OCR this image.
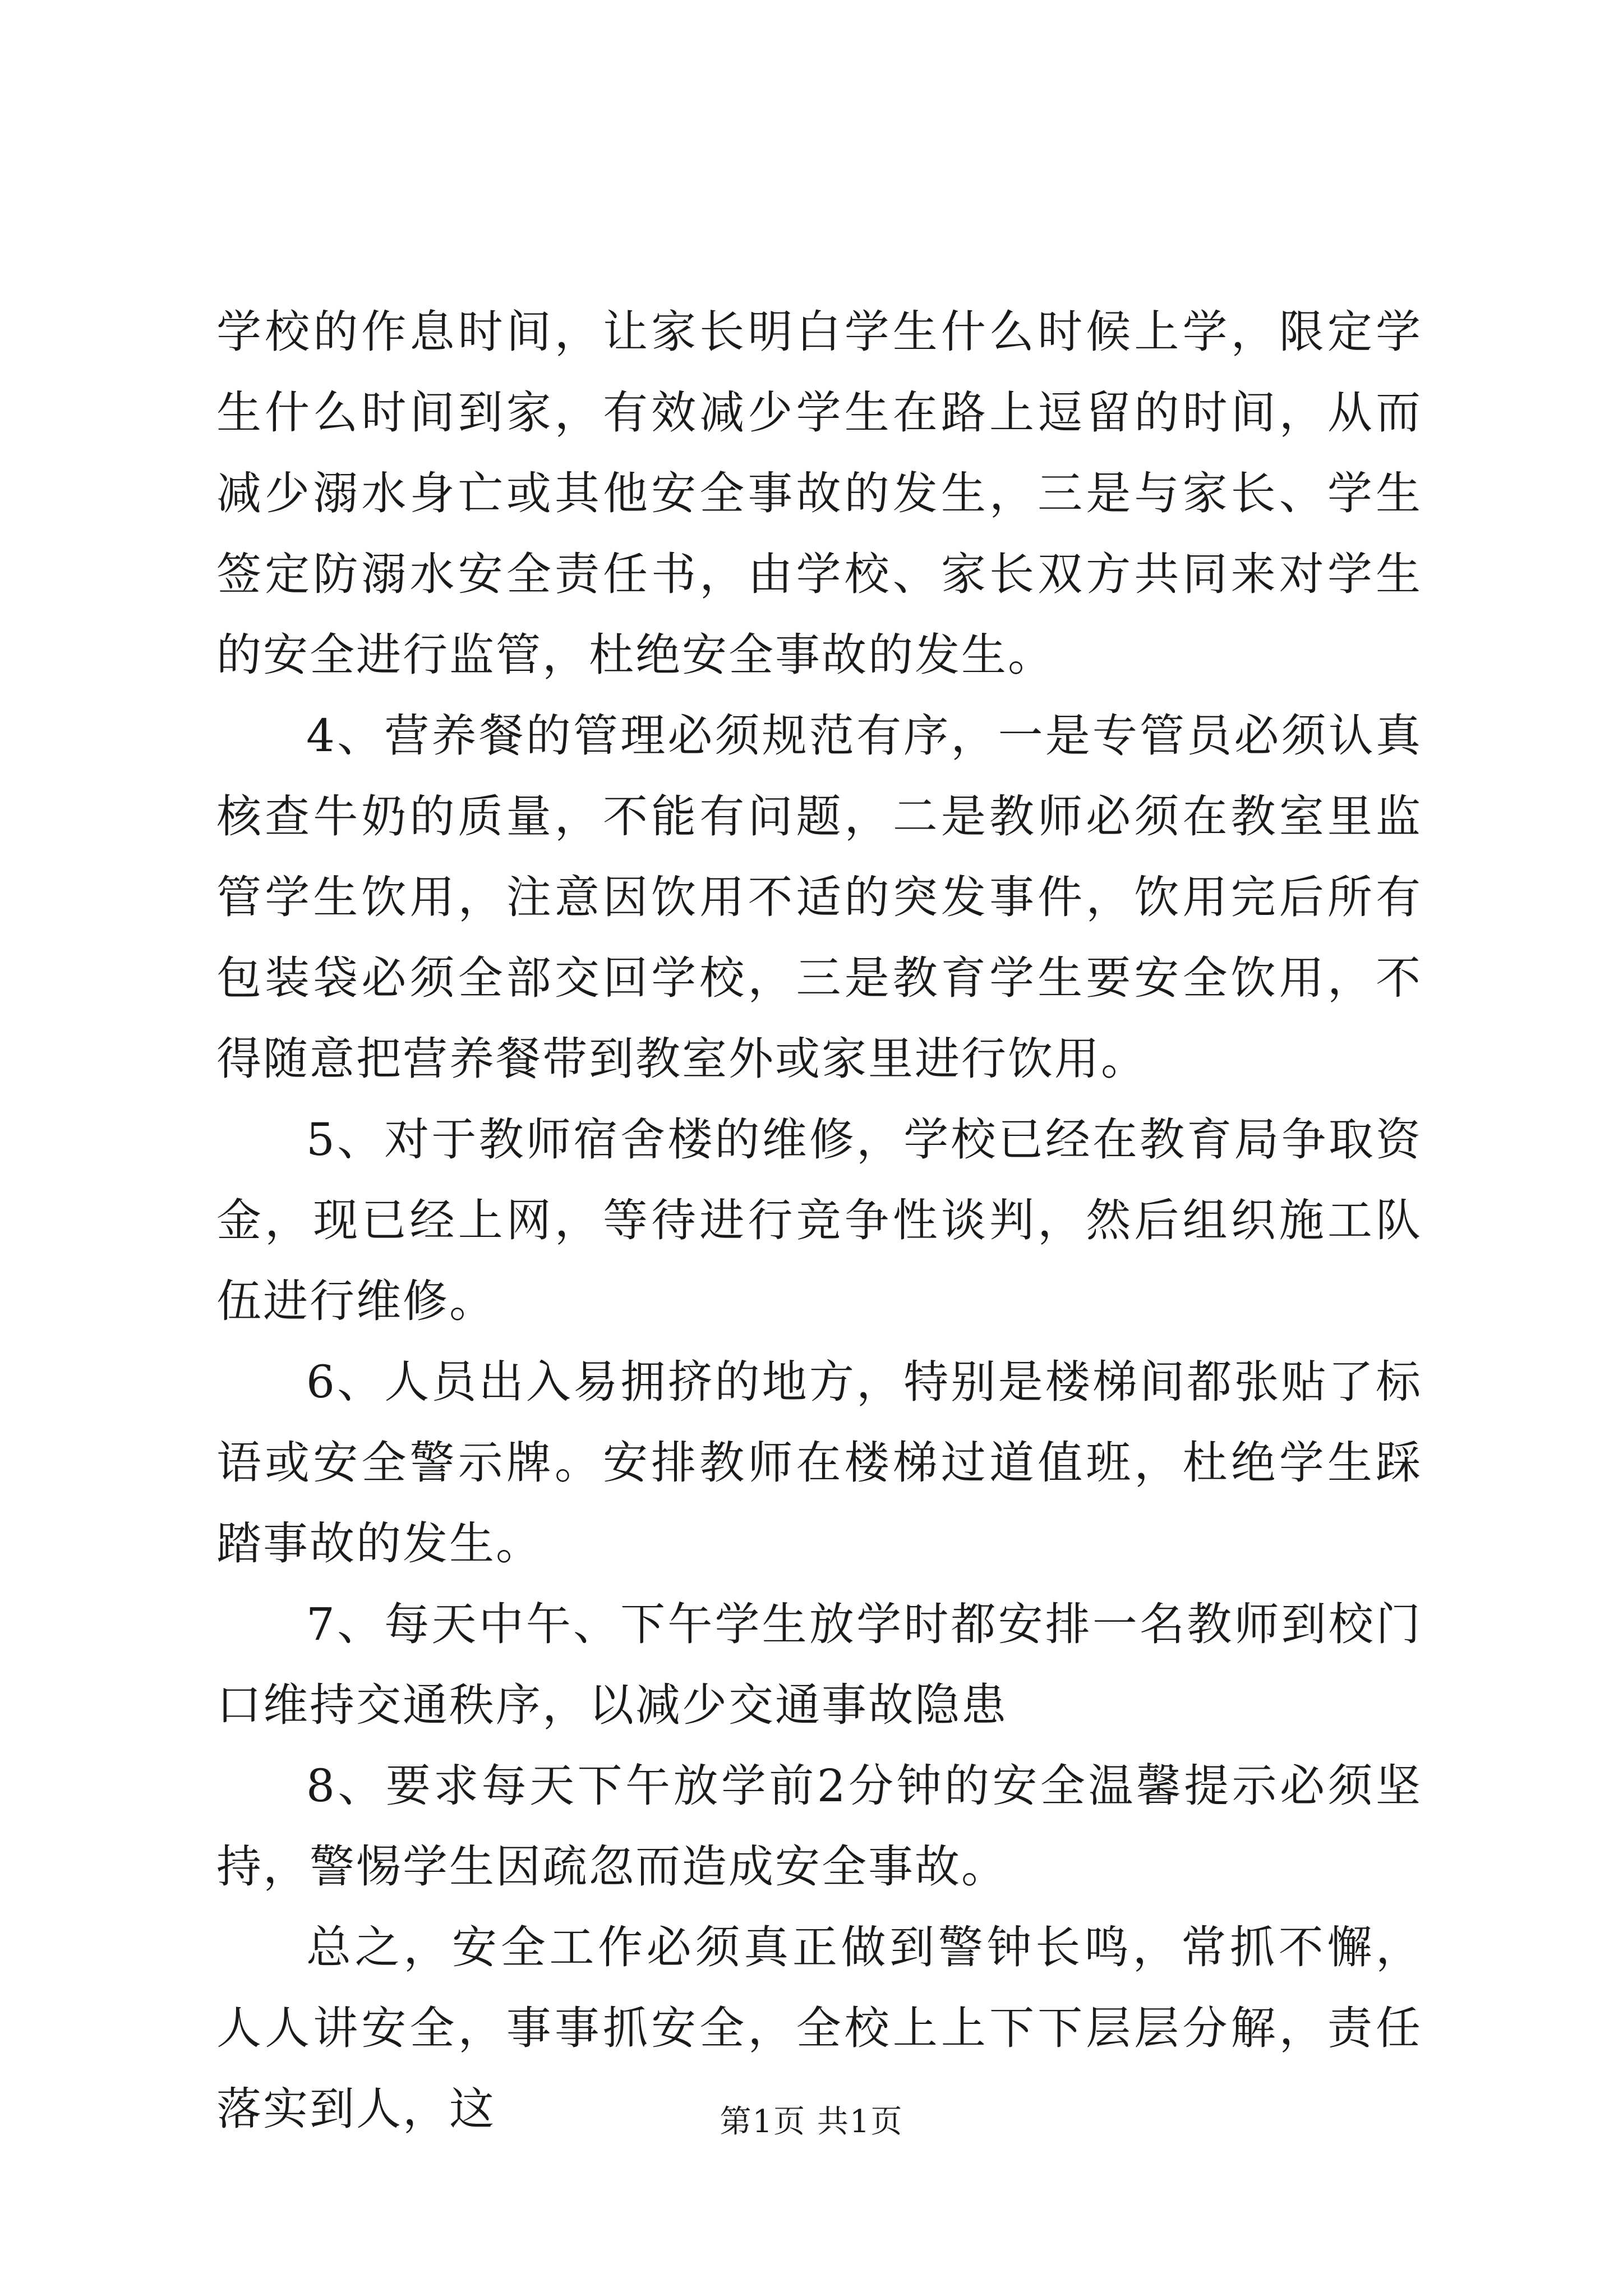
学校的作息时间，让家长明白学生什么时候上学，限定学生什么时间到家，有效减少学生在路上逗留的时间，从而减少溺水身亡或其他安全事故的发生，三是与家长、学生签定防溺水安全责任书，由学校、家长双方共同来对学生的安全进行监管，杜绝安全事故的发生。

4、营养餐的管理必须规范有序，一是专管员必须认真核查牛奶的质量，不能有问题，二是教师必须在教室里监管学生饮用，注意因饮用不适的突发事件，饮用完后所有包装袋必须全部交回学校，三是教育学生要安全饮用，不得随意把营养餐带到教室外或家里进行饮用。

5、对于教师宿舍楼的维修，学校已经在教育局争取资金，现已经上网，等待进行竞争性谈判，然后组织施工队伍进行维修。

6、人员出入易拥挤的地方，特别是楼梯间都张贴了标语或安全警示牌。安排教师在楼梯过道值班，杜绝学生踩踏事故的发生。

7、每天中午、下午学生放学时都安排一名教师到校门口维持交通秩序，以减少交通事故隐患

8、要求每天下午放学前2分钟的安全温馨提示必须坚持，警惕学生因疏忽而造成安全事故。

总之，安全工作必须真正做到警钟长鸣，常抓不懈，人人讲安全，事事抓安全，全校上上下下层层分解，责任落实到人，这	第1页 共1页
